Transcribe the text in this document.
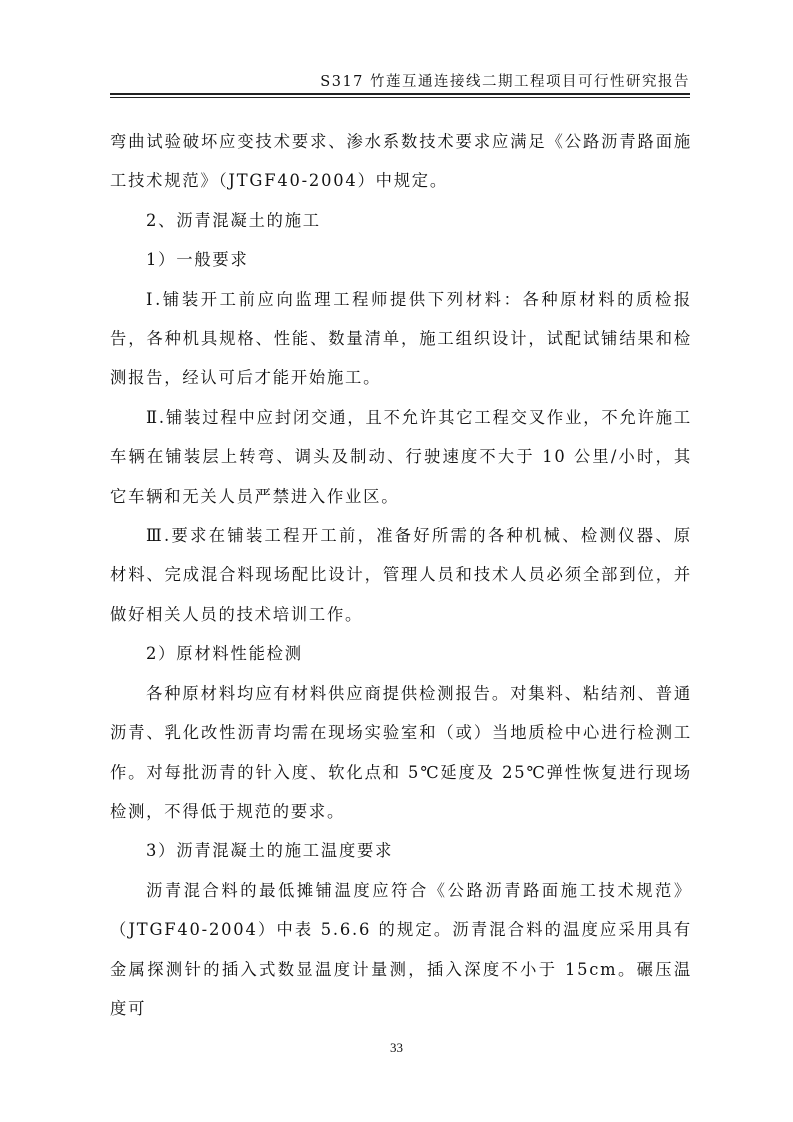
S317 竹莲互通连接线二期工程项目可行性研究报告

弯曲试验破坏应变技术要求、渗水系数技术要求应满足《公路沥青路面施工技术规范》（JTGF40-2004）中规定。

2、沥青混凝土的施工

1）一般要求

Ⅰ.铺装开工前应向监理工程师提供下列材料：各种原材料的质检报告，各种机具规格、性能、数量清单，施工组织设计，试配试铺结果和检测报告，经认可后才能开始施工。

Ⅱ.铺装过程中应封闭交通，且不允许其它工程交叉作业，不允许施工车辆在铺装层上转弯、调头及制动、行驶速度不大于 10 公里/小时，其它车辆和无关人员严禁进入作业区。

Ⅲ.要求在铺装工程开工前，准备好所需的各种机械、检测仪器、原材料、完成混合料现场配比设计，管理人员和技术人员必须全部到位，并做好相关人员的技术培训工作。

2）原材料性能检测

各种原材料均应有材料供应商提供检测报告。对集料、粘结剂、普通沥青、乳化改性沥青均需在现场实验室和（或）当地质检中心进行检测工作。对每批沥青的针入度、软化点和 5℃延度及 25℃弹性恢复进行现场检测，不得低于规范的要求。

3）沥青混凝土的施工温度要求

沥青混合料的最低摊铺温度应符合《公路沥青路面施工技术规范》（JTGF40-2004）中表 5.6.6 的规定。沥青混合料的温度应采用具有金属探测针的插入式数显温度计量测，插入深度不小于 15cm。碾压温度可

33
